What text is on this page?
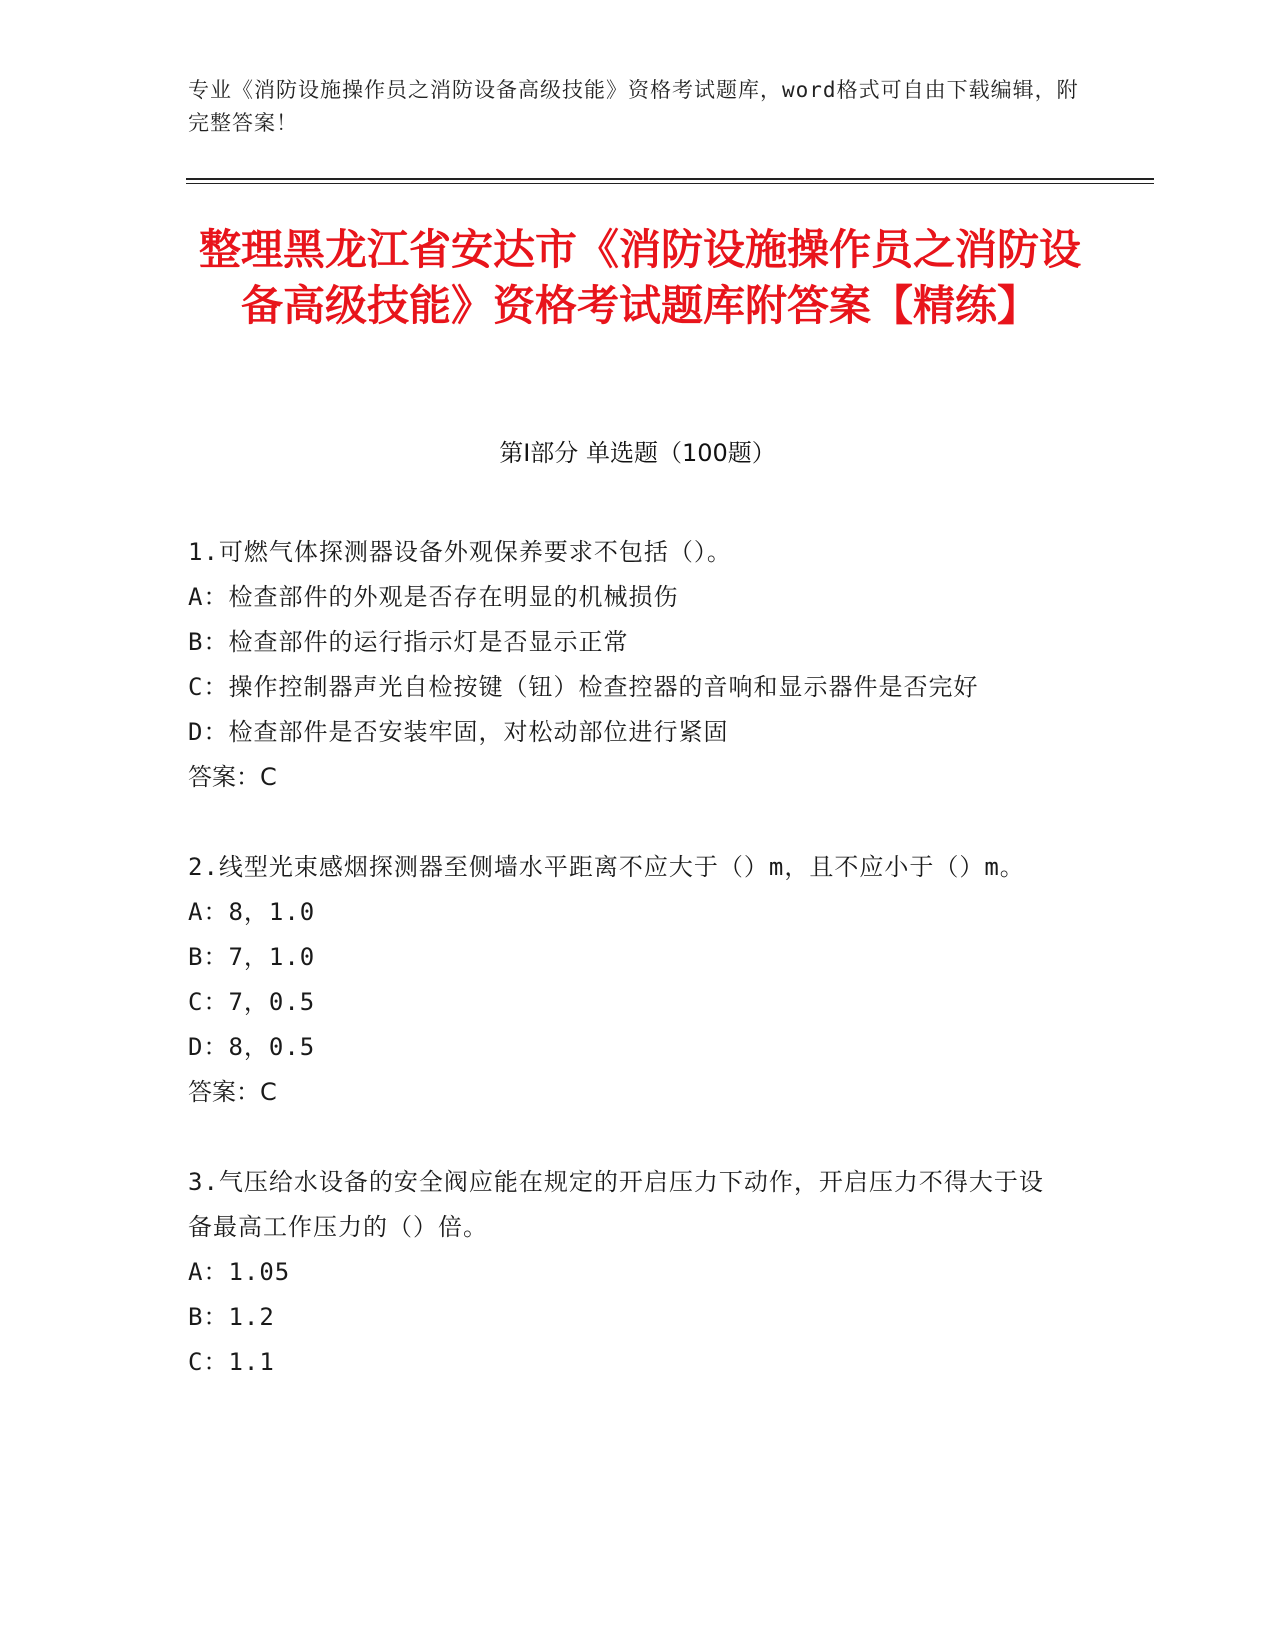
专业《消防设施操作员之消防设备高级技能》资格考试题库，word格式可自由下载编辑，附完整答案！
整理黑龙江省安达市《消防设施操作员之消防设备高级技能》资格考试题库附答案【精练】
第Ⅰ部分 单选题（100题）

1.可燃气体探测器设备外观保养要求不包括（）。

A：检查部件的外观是否存在明显的机械损伤

B：检查部件的运行指示灯是否显示正常

C：操作控制器声光自检按键（钮）检查控器的音响和显示器件是否完好

D：检查部件是否安装牢固，对松动部位进行紧固

答案：C

2.线型光束感烟探测器至侧墙水平距离不应大于（）m，且不应小于（）m。

A：8，1.0

B：7，1.0

C：7，0.5

D：8，0.5

答案：C

3.气压给水设备的安全阀应能在规定的开启压力下动作，开启压力不得大于设备最高工作压力的（）倍。

A：1.05

B：1.2

C：1.1
